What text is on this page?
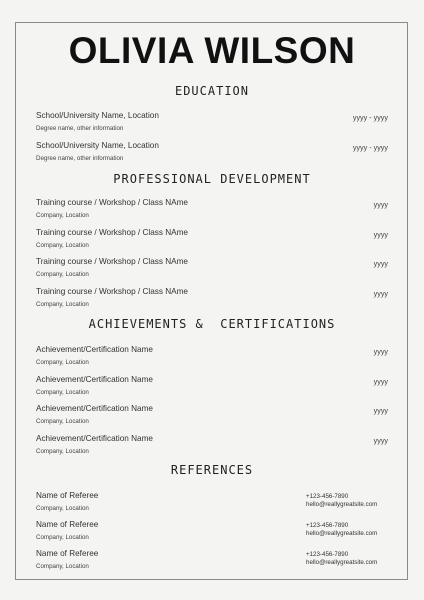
OLIVIA WILSON
EDUCATION
School/University Name, Location
Degree name, other information
yyyy - yyyy
School/University Name, Location
Degree name, other information
yyyy - yyyy
PROFESSIONAL DEVELOPMENT
Training course / Workshop / Class NAme
Company, Location
yyyy
Training course / Workshop / Class NAme
Company, Location
yyyy
Training course / Workshop / Class NAme
Company, Location
yyyy
Training course / Workshop / Class NAme
Company, Location
yyyy
ACHIEVEMENTS &  CERTIFICATIONS
Achievement/Certification Name
Company, Location
yyyy
Achievement/Certification Name
Company, Location
yyyy
Achievement/Certification Name
Company, Location
yyyy
Achievement/Certification Name
Company, Location
yyyy
REFERENCES
Name of Referee
Company, Location
+123-456-7890
hello@reallygreatsite.com
Name of Referee
Company, Location
+123-456-7890
hello@reallygreatsite.com
Name of Referee
Company, Location
+123-456-7890
hello@reallygreatsite.com
